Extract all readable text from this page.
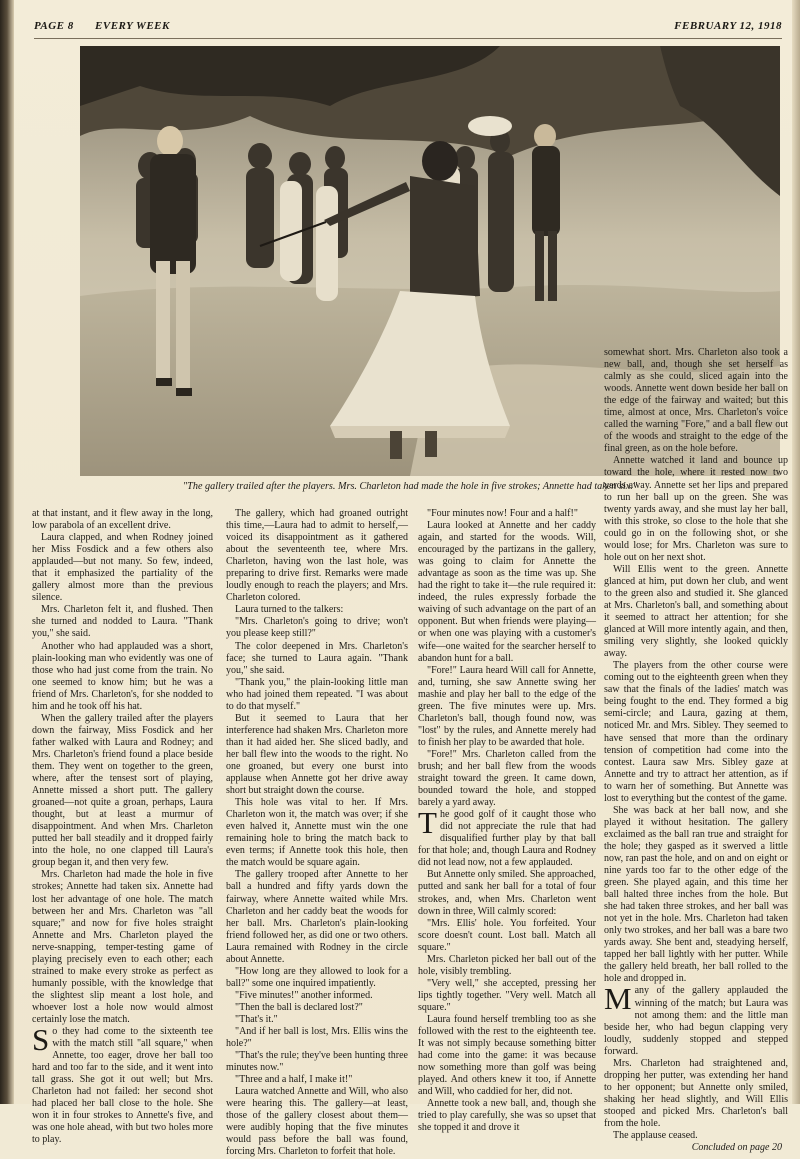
PAGE 8 EVERY WEEK	FEBRUARY 12, 1918
"The gallery trailed after the players. Mrs. Charleton had made the hole in five strokes; Annette had taken six."

at that instant, and it flew away in the long, low parabola of an excellent drive.

Laura clapped, and when Rodney joined her Miss Fosdick and a few others also applauded—but not many. So few, indeed, that it emphasized the partiality of the gallery almost more than the previous silence.

Mrs. Charleton felt it, and flushed. Then she turned and nodded to Laura. "Thank you," she said.

Another who had applauded was a short, plain-looking man who evidently was one of those who had just come from the train. No one seemed to know him; but he was a friend of Mrs. Charleton's, for she nodded to him and he took off his hat.

When the gallery trailed after the players down the fairway, Miss Fosdick and her father walked with Laura and Rodney; and Mrs. Charleton's friend found a place beside them. They went on together to the green, where, after the tensest sort of playing, Annette missed a short putt. The gallery groaned—not quite a groan, perhaps, Laura thought, but at least a murmur of disappointment. And when Mrs. Charleton putted her ball steadily and it dropped fairly into the hole, no one clapped till Laura's group began it, and then very few.

Mrs. Charleton had made the hole in five strokes; Annette had taken six. Annette had lost her advantage of one hole. The match between her and Mrs. Charleton was "all square;" and now for five holes straight Annette and Mrs. Charleton played the nerve-snapping, temper-testing game of playing precisely even to each other; each strained to make every stroke as perfect as humanly possible, with the knowledge that the slightest slip meant a lost hole, and whoever lost a hole now would almost certainly lose the match.

So they had come to the sixteenth tee with the match still "all square," when Annette, too eager, drove her ball too hard and too far to the side, and it went into tall grass. She got it out well; but Mrs. Charleton had not failed: her second shot had placed her ball close to the hole. She won it in four strokes to Annette's five, and was one hole ahead, with but two holes more to play.

The gallery, which had groaned outright this time,—Laura had to admit to herself,—voiced its disappointment as it gathered about the seventeenth tee, where Mrs. Charleton, having won the last hole, was preparing to drive first. Remarks were made loudly enough to reach the players; and Mrs. Charleton colored.

Laura turned to the talkers:

"Mrs. Charleton's going to drive; won't you please keep still?"

The color deepened in Mrs. Charleton's face; she turned to Laura again. "Thank you," she said.

"Thank you," the plain-looking little man who had joined them repeated. "I was about to do that myself."

But it seemed to Laura that her interference had shaken Mrs. Charleton more than it had aided her. She sliced badly, and her ball flew into the woods to the right. No one groaned, but every one burst into applause when Annette got her drive away short but straight down the course.

This hole was vital to her. If Mrs. Charleton won it, the match was over; if she even halved it, Annette must win the one remaining hole to bring the match back to even terms; if Annette took this hole, then the match would be square again.

The gallery trooped after Annette to her ball a hundred and fifty yards down the fairway, where Annette waited while Mrs. Charleton and her caddy beat the woods for her ball. Mrs. Charleton's plain-looking friend followed her, as did one or two others. Laura remained with Rodney in the circle about Annette.

"How long are they allowed to look for a ball?" some one inquired impatiently.

"Five minutes!" another informed.

"Then the ball is declared lost?"

"That's it."

"And if her ball is lost, Mrs. Ellis wins the hole?"

"That's the rule; they've been hunting three minutes now."

"Three and a half, I make it!"

Laura watched Annette and Will, who also were hearing this. The gallery—at least, those of the gallery closest about them—were audibly hoping that the five minutes would pass before the ball was found, forcing Mrs. Charleton to forfeit that hole.

"Four minutes now! Four and a half!"

Laura looked at Annette and her caddy again, and started for the woods. Will, encouraged by the partizans in the gallery, was going to claim for Annette the advantage as soon as the time was up. She had the right to take it—the rule required it: indeed, the rules expressly forbade the waiving of such advantage on the part of an opponent. But when friends were playing—or when one was playing with a customer's wife—one waited for the searcher herself to abandon hunt for a ball.

"Fore!" Laura heard Will call for Annette, and, turning, she saw Annette swing her mashie and play her ball to the edge of the green. The five minutes were up. Mrs. Charleton's ball, though found now, was "lost" by the rules, and Annette merely had to finish her play to be awarded that hole.

"Fore!" Mrs. Charleton called from the brush; and her ball flew from the woods straight toward the green. It came down, bounded toward the hole, and stopped barely a yard away.

The good golf of it caught those who did not appreciate the rule that had disqualified further play by that ball for that hole; and, though Laura and Rodney did not lead now, not a few applauded.

But Annette only smiled. She approached, putted and sank her ball for a total of four strokes, and, when Mrs. Charleton went down in three, Will calmly scored:

"Mrs. Ellis' hole. You forfeited. Your score doesn't count. Lost ball. Match all square."

Mrs. Charleton picked her ball out of the hole, visibly trembling.

"Very well," she accepted, pressing her lips tightly together. "Very well. Match all square."

Laura found herself trembling too as she followed with the rest to the eighteenth tee. It was not simply because something bitter had come into the game: it was because now something more than golf was being played. And others knew it too, if Annette and Will, who caddied for her, did not.

Annette took a new ball, and, though she tried to play carefully, she was so upset that she topped it and drove it

somewhat short. Mrs. Charleton also took a new ball, and, though she set herself as calmly as she could, sliced again into the woods. Annette went down beside her ball on the edge of the fairway and waited; but this time, almost at once, Mrs. Charleton's voice called the warning "Fore," and a ball flew out of the woods and straight to the edge of the final green, as on the hole before.

Annette watched it land and bounce up toward the hole, where it rested now two yards away. Annette set her lips and prepared to run her ball up on the green. She was twenty yards away, and she must lay her ball, with this stroke, so close to the hole that she could go in on the following shot, or she would lose; for Mrs. Charleton was sure to hole out on her next shot.

Will Ellis went to the green. Annette glanced at him, put down her club, and went to the green also and studied it. She glanced at Mrs. Charleton's ball, and something about it seemed to attract her attention; for she glanced at Will more intently again, and then, smiling very slightly, she looked quickly away.

The players from the other course were coming out to the eighteenth green when they saw that the finals of the ladies' match was being fought to the end. They formed a big semi-circle; and Laura, gazing at them, noticed Mr. and Mrs. Sibley. They seemed to have sensed that more than the ordinary tension of competition had come into the contest. Laura saw Mrs. Sibley gaze at Annette and try to attract her attention, as if to warn her of something. But Annette was lost to everything but the contest of the game.

She was back at her ball now, and she played it without hesitation. The gallery exclaimed as the ball ran true and straight for the hole; they gasped as it swerved a little now, ran past the hole, and on and on eight or nine yards too far to the other edge of the green. She played again, and this time her ball halted three inches from the hole. But she had taken three strokes, and her ball was not yet in the hole. Mrs. Charleton had taken only two strokes, and her ball was a bare two yards away. She bent and, steadying herself, tapped her ball lightly with her putter. While the gallery held breath, her ball rolled to the hole and dropped in.

Many of the gallery applauded the winning of the match; but Laura was not among them: and the little man beside her, who had begun clapping very loudly, suddenly stopped and stepped forward.

Mrs. Charleton had straightened and, dropping her putter, was extending her hand to her opponent; but Annette only smiled, shaking her head slightly, and Will Ellis stooped and picked Mrs. Charleton's ball from the hole.

The applause ceased.

Concluded on page 20
